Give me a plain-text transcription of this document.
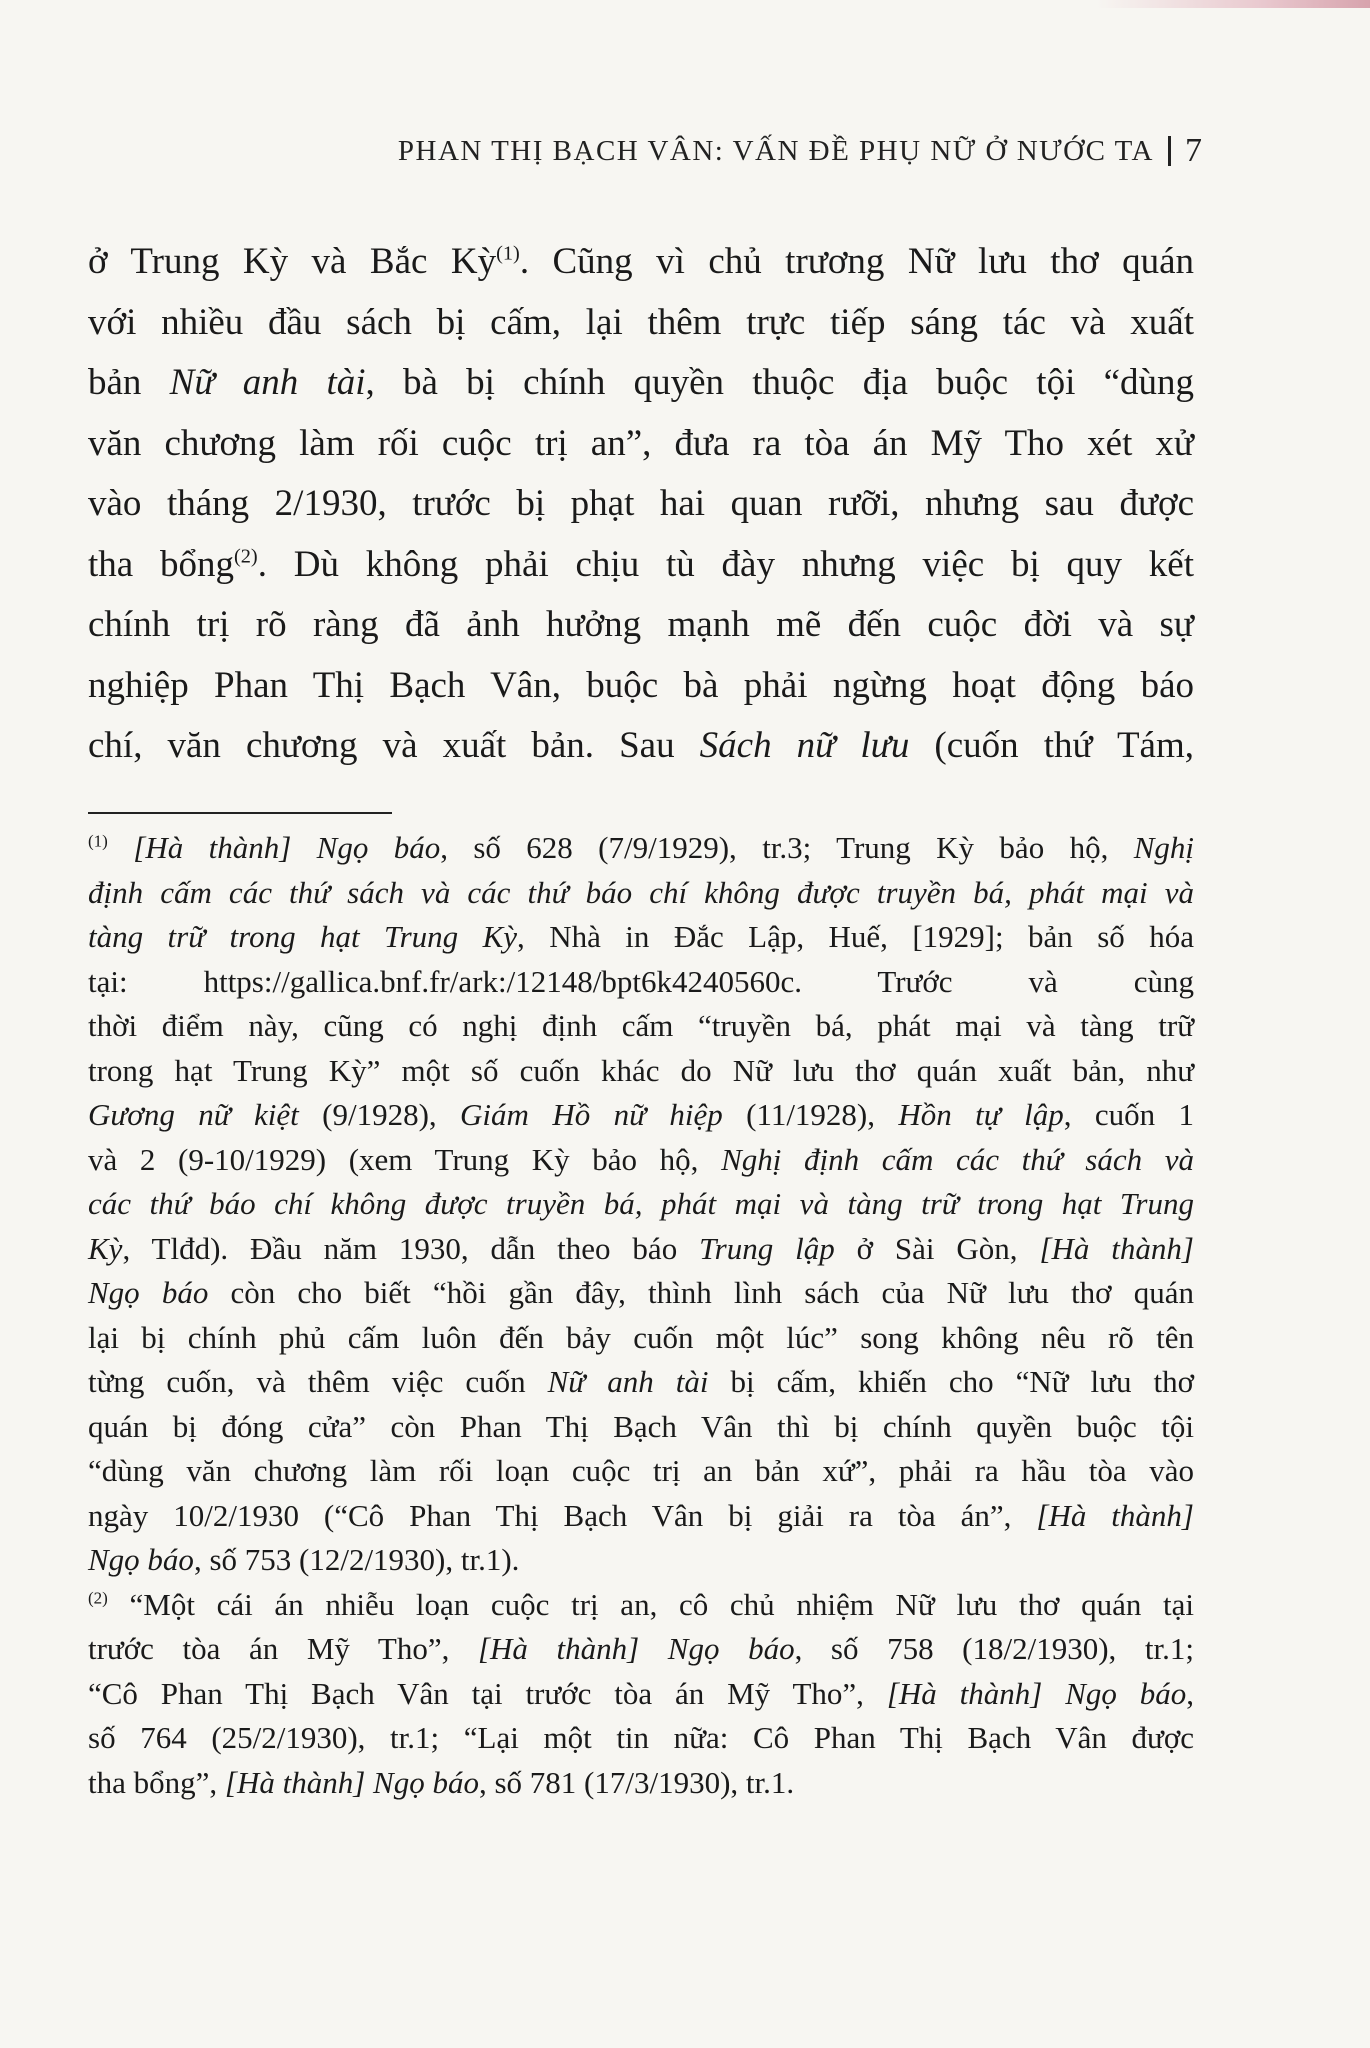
PHAN THỊ BẠCH VÂN: VẤN ĐỀ PHỤ NỮ Ở NƯỚC TA 7

ở Trung Kỳ và Bắc Kỳ$^{(1)}$. Cũng vì chủ trương Nữ lưu thơ quán

với nhiều đầu sách bị cấm, lại thêm trực tiếp sáng tác và xuất

bản Nữ anh tài, bà bị chính quyền thuộc địa buộc tội “dùng

văn chương làm rối cuộc trị an”, đưa ra tòa án Mỹ Tho xét xử

vào tháng 2/1930, trước bị phạt hai quan rưỡi, nhưng sau được

tha bổng$^{(2)}$. Dù không phải chịu tù đày nhưng việc bị quy kết

chính trị rõ ràng đã ảnh hưởng mạnh mẽ đến cuộc đời và sự

nghiệp Phan Thị Bạch Vân, buộc bà phải ngừng hoạt động báo

chí, văn chương và xuất bản. Sau Sách nữ lưu (cuốn thứ Tám,

$^{(1)}$ [Hà thành] Ngọ báo, số 628 (7/9/1929), tr.3; Trung Kỳ bảo hộ, Nghị

định cấm các thứ sách và các thứ báo chí không được truyền bá, phát mại và

tàng trữ trong hạt Trung Kỳ, Nhà in Đắc Lập, Huế, [1929]; bản số hóa

tại: https://gallica.bnf.fr/ark:/12148/bpt6k4240560c. Trước và cùng

thời điểm này, cũng có nghị định cấm “truyền bá, phát mại và tàng trữ

trong hạt Trung Kỳ” một số cuốn khác do Nữ lưu thơ quán xuất bản, như

Gương nữ kiệt (9/1928), Giám Hồ nữ hiệp (11/1928), Hồn tự lập, cuốn 1

và 2 (9-10/1929) (xem Trung Kỳ bảo hộ, Nghị định cấm các thứ sách và

các thứ báo chí không được truyền bá, phát mại và tàng trữ trong hạt Trung

Kỳ, Tlđd). Đầu năm 1930, dẫn theo báo Trung lập ở Sài Gòn, [Hà thành]

Ngọ báo còn cho biết “hồi gần đây, thình lình sách của Nữ lưu thơ quán

lại bị chính phủ cấm luôn đến bảy cuốn một lúc” song không nêu rõ tên

từng cuốn, và thêm việc cuốn Nữ anh tài bị cấm, khiến cho “Nữ lưu thơ

quán bị đóng cửa” còn Phan Thị Bạch Vân thì bị chính quyền buộc tội

“dùng văn chương làm rối loạn cuộc trị an bản xứ”, phải ra hầu tòa vào

ngày 10/2/1930 (“Cô Phan Thị Bạch Vân bị giải ra tòa án”, [Hà thành]

Ngọ báo, số 753 (12/2/1930), tr.1).

$^{(2)}$ “Một cái án nhiễu loạn cuộc trị an, cô chủ nhiệm Nữ lưu thơ quán tại

trước tòa án Mỹ Tho”, [Hà thành] Ngọ báo, số 758 (18/2/1930), tr.1;

“Cô Phan Thị Bạch Vân tại trước tòa án Mỹ Tho”, [Hà thành] Ngọ báo,

số 764 (25/2/1930), tr.1; “Lại một tin nữa: Cô Phan Thị Bạch Vân được

tha bổng”, [Hà thành] Ngọ báo, số 781 (17/3/1930), tr.1.
